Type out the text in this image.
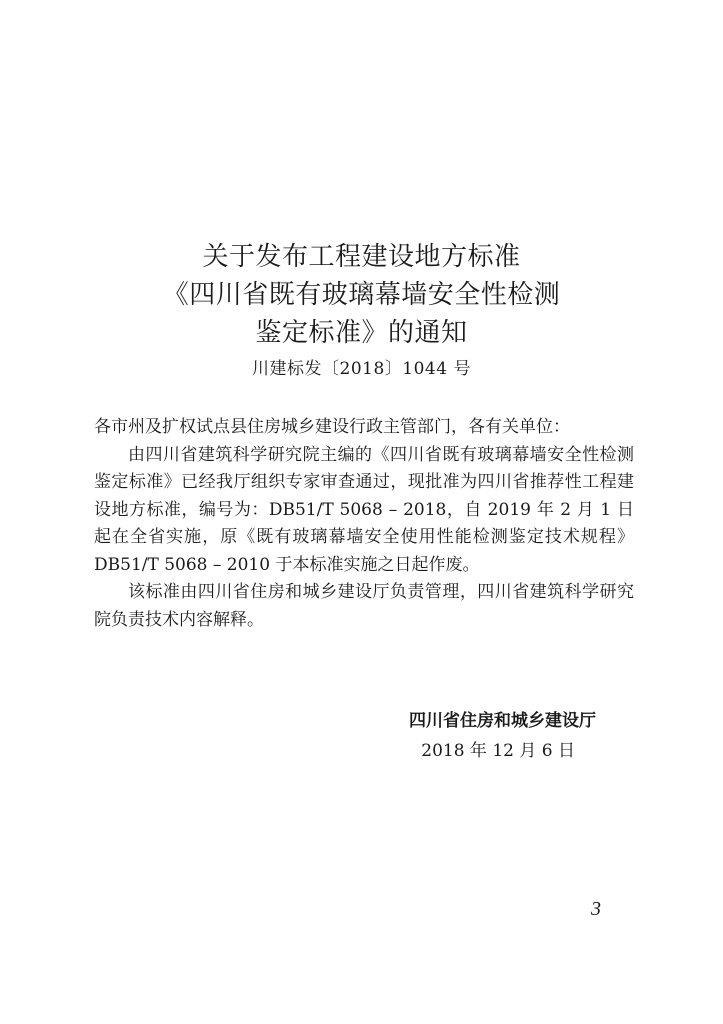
关于发布工程建设地方标准
《四川省既有玻璃幕墙安全性检测
鉴定标准》的通知
川建标发〔2018〕1044 号

各市州及扩权试点县住房城乡建设行政主管部门，各有关单位：

由四川省建筑科学研究院主编的《四川省既有玻璃幕墙安全性检测鉴定标准》已经我厅组织专家审查通过，现批准为四川省推荐性工程建设地方标准，编号为：DB51/T 5068 – 2018，自 2019 年 2 月 1 日起在全省实施，原《既有玻璃幕墙安全使用性能检测鉴定技术规程》DB51/T 5068 – 2010 于本标准实施之日起作废。

该标准由四川省住房和城乡建设厅负责管理，四川省建筑科学研究院负责技术内容解释。

四川省住房和城乡建设厅
2018 年 12 月 6 日
3
